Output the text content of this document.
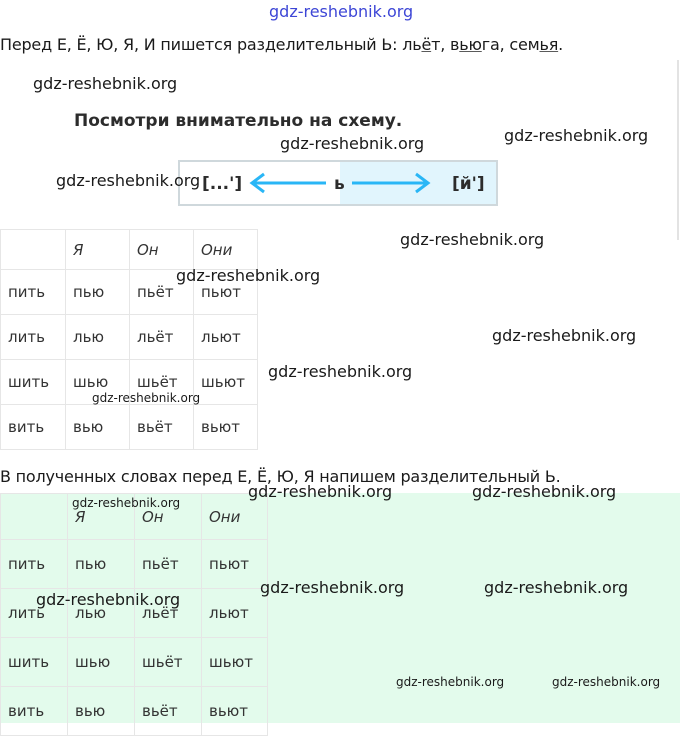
gdz-reshebnik.org
Перед Е, Ё, Ю, Я, И пишется разделительный Ь: льёт, вьюга, семья.
Посмотри внимательно на схему.
[...']	ь	[й']
	Я	Он	Они
пить	пью	пьёт	пьют
лить	лью	льёт	льют
шить	шью	шьёт	шьют
вить	вью	вьёт	вьют
В полученных словах перед Е, Ё, Ю, Я напишем разделительный Ь.
	Я	Он	Они
пить	пью	пьёт	пьют
лить	лью	льёт	льют
шить	шью	шьёт	шьют
вить	вью	вьёт	вьют
gdz-reshebnik.org
gdz-reshebnik.org
gdz-reshebnik.org
gdz-reshebnik.org
gdz-reshebnik.org
gdz-reshebnik.org
gdz-reshebnik.org
gdz-reshebnik.org
gdz-reshebnik.org
gdz-reshebnik.org
gdz-reshebnik.org	gdz-reshebnik.org
gdz-reshebnik.org	gdz-reshebnik.org
gdz-reshebnik.org
gdz-reshebnik.org	gdz-reshebnik.org
